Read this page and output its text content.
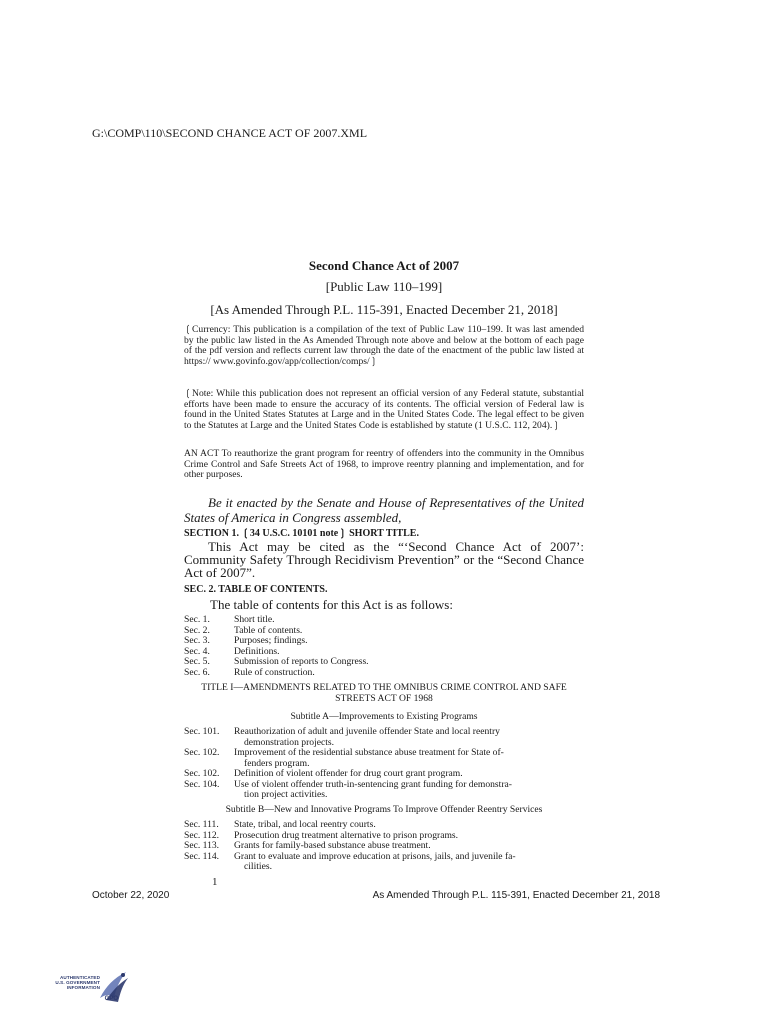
G:\COMP\110\SECOND CHANCE ACT OF 2007.XML
Second Chance Act of 2007
[Public Law 110–199]
[As Amended Through P.L. 115-391, Enacted December 21, 2018]
❲Currency: This publication is a compilation of the text of Public Law 110–199. It was last amended by the public law listed in the As Amended Through note above and below at the bottom of each page of the pdf version and reflects current law through the date of the enactment of the public law listed at https:// www.govinfo.gov/app/collection/comps/❳
❲Note: While this publication does not represent an official version of any Federal statute, substantial efforts have been made to ensure the accuracy of its contents. The official version of Federal law is found in the United States Statutes at Large and in the United States Code. The legal effect to be given to the Statutes at Large and the United States Code is established by statute (1 U.S.C. 112, 204).❳
AN ACT To reauthorize the grant program for reentry of offenders into the community in the Omnibus Crime Control and Safe Streets Act of 1968, to improve reentry planning and implementation, and for other purposes.
Be it enacted by the Senate and House of Representatives of the United States of America in Congress assembled,
SECTION 1. ❲34 U.S.C. 10101 note❳ SHORT TITLE.
This Act may be cited as the “‘Second Chance Act of 2007’: Community Safety Through Recidivism Prevention” or the “Second Chance Act of 2007”.
SEC. 2. TABLE OF CONTENTS.
The table of contents for this Act is as follows:
Sec. 1.	Short title.
Sec. 2.	Table of contents.
Sec. 3.	Purposes; findings.
Sec. 4.	Definitions.
Sec. 5.	Submission of reports to Congress.
Sec. 6.	Rule of construction.
TITLE I—AMENDMENTS RELATED TO THE OMNIBUS CRIME CONTROL AND SAFE STREETS ACT OF 1968
Subtitle A—Improvements to Existing Programs
Sec. 101.	Reauthorization of adult and juvenile offender State and local reentry
demonstration projects.
Sec. 102.	Improvement of the residential substance abuse treatment for State of-
fenders program.
Sec. 102.	Definition of violent offender for drug court grant program.
Sec. 104.	Use of violent offender truth-in-sentencing grant funding for demonstra-
tion project activities.
Subtitle B—New and Innovative Programs To Improve Offender Reentry Services
Sec. 111.	State, tribal, and local reentry courts.
Sec. 112.	Prosecution drug treatment alternative to prison programs.
Sec. 113.	Grants for family-based substance abuse treatment.
Sec. 114.	Grant to evaluate and improve education at prisons, jails, and juvenile fa-
cilities.
1
October 22, 2020	As Amended Through P.L. 115-391, Enacted December 21, 2018
AUTHENTICATED
U.S. GOVERNMENT
INFORMATION
GPO
